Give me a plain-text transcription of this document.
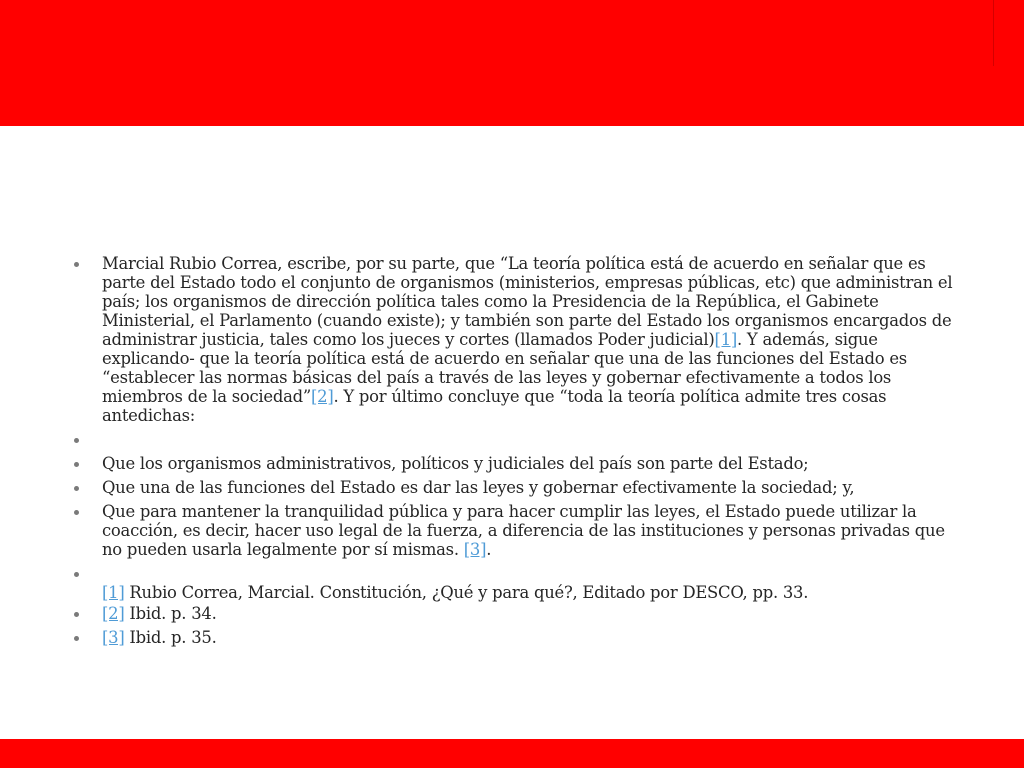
Marcial Rubio Correa, escribe, por su parte, que “La teoría política está de acuerdo en señalar que es parte del Estado todo el conjunto de organismos (ministerios, empresas públicas, etc) que administran el país; los organismos de dirección política tales como la Presidencia de la República, el Gabinete Ministerial, el Parlamento (cuando existe); y también son parte del Estado los organismos encargados de administrar justicia, tales como los jueces y cortes (llamados Poder judicial)[1]. Y además, sigue explicando- que la teoría política está de acuerdo en señalar que una de las funciones del Estado es “establecer las normas básicas del país a través de las leyes y gobernar efectivamente a todos los miembros de la sociedad”[2]. Y por último concluye que “toda la teoría política admite tres cosas antedichas:
Que los organismos administrativos, políticos y judiciales del país son parte del Estado;
Que una de las funciones del Estado es dar las leyes y gobernar efectivamente la sociedad; y,
Que para mantener la tranquilidad pública y para hacer cumplir las leyes, el Estado puede utilizar la coacción, es decir, hacer uso legal de la fuerza, a diferencia de las instituciones y personas privadas que no pueden usarla legalmente por sí mismas. [3].

[1] Rubio Correa, Marcial. Constitución, ¿Qué y para qué?, Editado por DESCO, pp. 33.
[2] Ibid. p. 34.
[3] Ibid. p. 35.
